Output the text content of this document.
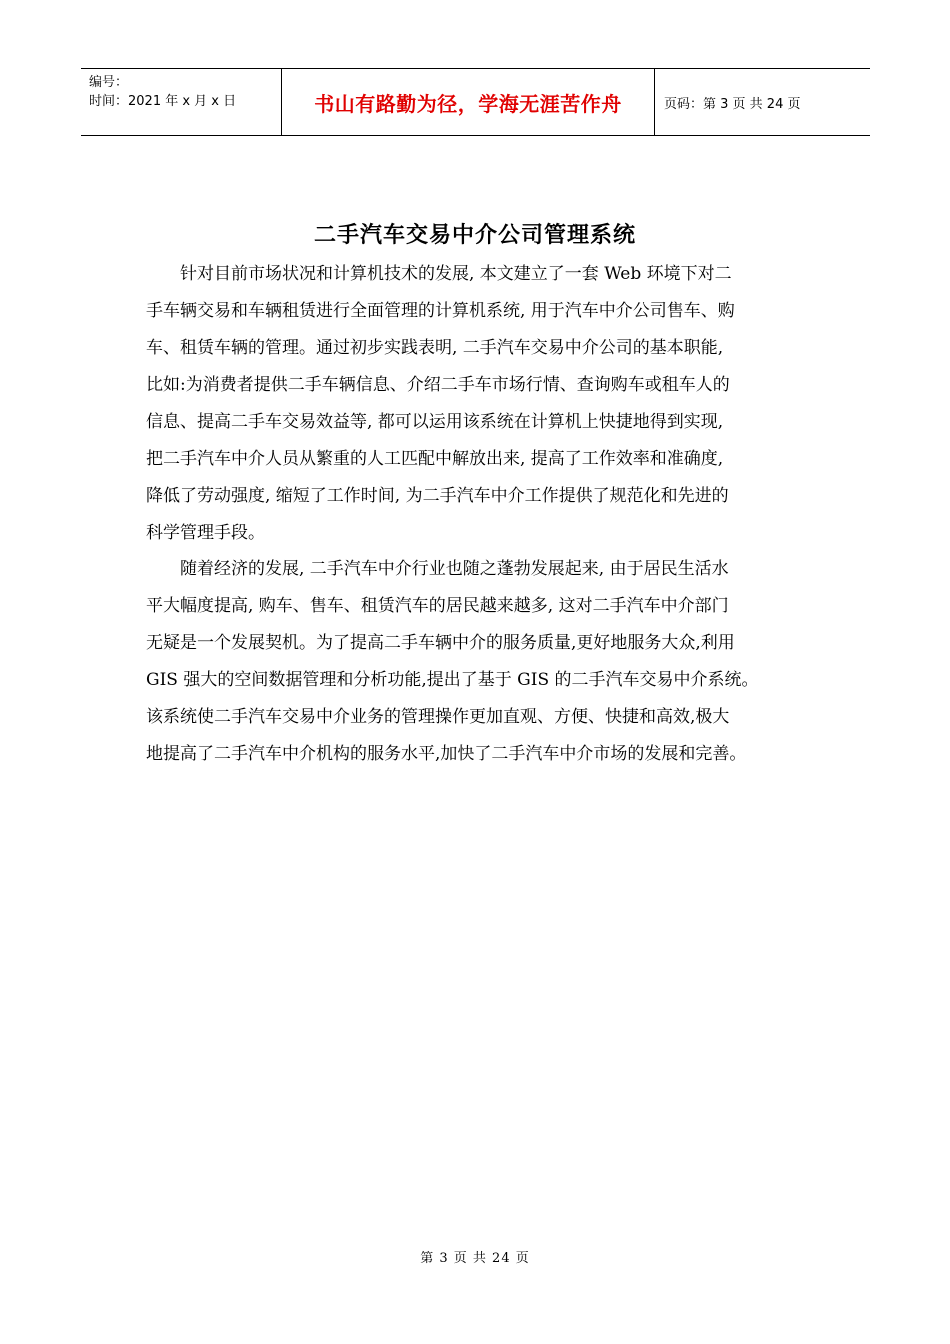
编号：
时间：2021 年 x 月 x 日	书山有路勤为径，学海无涯苦作舟	页码：第 3 页 共 24 页
二手汽车交易中介公司管理系统
针对目前市场状况和计算机技术的发展, 本文建立了一套 Web 环境下对二
手车辆交易和车辆租赁进行全面管理的计算机系统, 用于汽车中介公司售车、购
车、租赁车辆的管理。通过初步实践表明, 二手汽车交易中介公司的基本职能,
比如:为消费者提供二手车辆信息、介绍二手车市场行情、查询购车或租车人的
信息、提高二手车交易效益等, 都可以运用该系统在计算机上快捷地得到实现,
把二手汽车中介人员从繁重的人工匹配中解放出来, 提高了工作效率和准确度,
降低了劳动强度, 缩短了工作时间, 为二手汽车中介工作提供了规范化和先进的
科学管理手段。
随着经济的发展, 二手汽车中介行业也随之蓬勃发展起来, 由于居民生活水
平大幅度提高, 购车、售车、租赁汽车的居民越来越多, 这对二手汽车中介部门
无疑是一个发展契机。为了提高二手车辆中介的服务质量,更好地服务大众,利用
GIS 强大的空间数据管理和分析功能,提出了基于 GIS 的二手汽车交易中介系统。
该系统使二手汽车交易中介业务的管理操作更加直观、方便、快捷和高效,极大
地提高了二手汽车中介机构的服务水平,加快了二手汽车中介市场的发展和完善。
第 3 页 共 24 页
